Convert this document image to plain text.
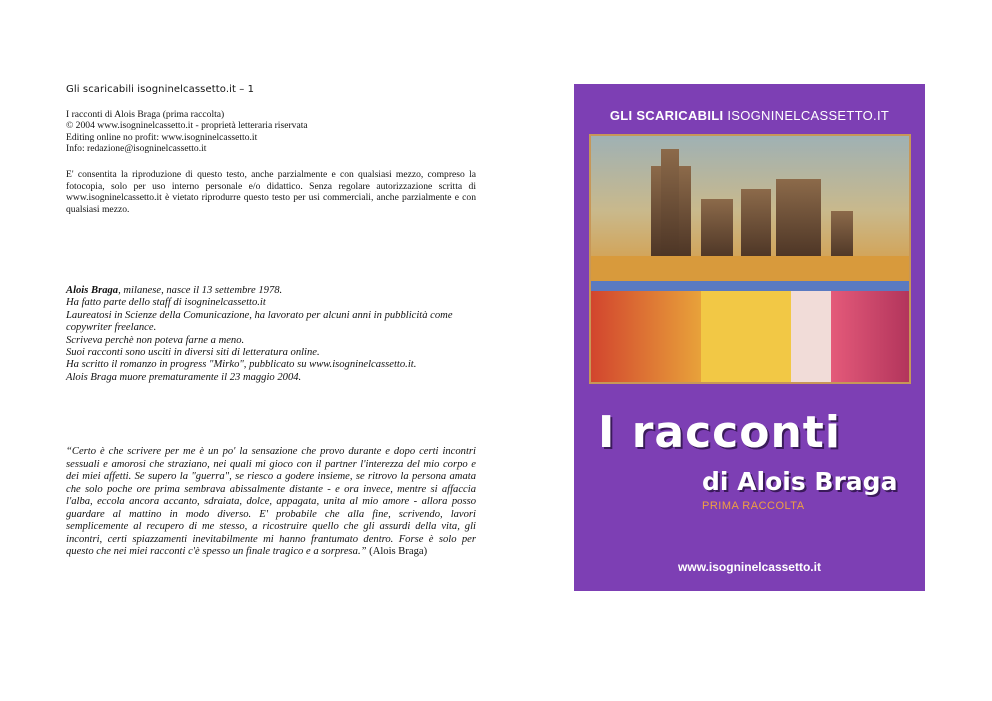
Gli scaricabili isogninelcassetto.it – 1
I racconti di Alois Braga (prima raccolta)
© 2004 www.isogninelcassetto.it - proprietà letteraria riservata
Editing online no profit: www.isogninelcassetto.it
Info: redazione@isogninelcassetto.it
E' consentita la riproduzione di questo testo, anche parzialmente e con qualsiasi mezzo, compreso la fotocopia, solo per uso interno personale e/o didattico. Senza regolare autorizzazione scritta di www.isogninelcassetto.it è vietato riprodurre questo testo per usi commerciali, anche parzialmente e con qualsiasi mezzo.
Alois Braga, milanese, nasce il 13 settembre 1978.
Ha fatto parte dello staff di isogninelcassetto.it
Laureatosi in Scienze della Comunicazione, ha lavorato per alcuni anni in pubblicità come copywriter freelance.
Scriveva perchè non poteva farne a meno.
Suoi racconti sono usciti in diversi siti di letteratura online.
Ha scritto il romanzo in progress "Mirko", pubblicato su www.isogninelcassetto.it.
Alois Braga muore prematuramente il 23 maggio 2004.
“Certo è che scrivere per me è un po' la sensazione che provo durante e dopo certi incontri sessuali e amorosi che straziano, nei quali mi gioco con il partner l'interezza del mio corpo e dei miei affetti. Se supero la "guerra", se riesco a godere insieme, se ritrovo la persona amata che solo poche ore prima sembrava abissalmente distante - e ora invece, mentre si affaccia l'alba, eccola ancora accanto, sdraiata, dolce, appagata, unita al mio amore - allora posso guardare al mattino in modo diverso. E' probabile che alla fine, scrivendo, lavori semplicemente al recupero di me stesso, a ricostruire quello che gli assurdi della vita, gli incontri, certi spiazzamenti inevitabilmente mi hanno frantumato dentro. Forse è solo per questo che nei miei racconti c'è spesso un finale tragico e a sorpresa.” (Alois Braga)
GLI SCARICABILI ISOGNINELCASSETTO.IT
I racconti
di Alois Braga
PRIMA RACCOLTA
www.isogninelcassetto.it
